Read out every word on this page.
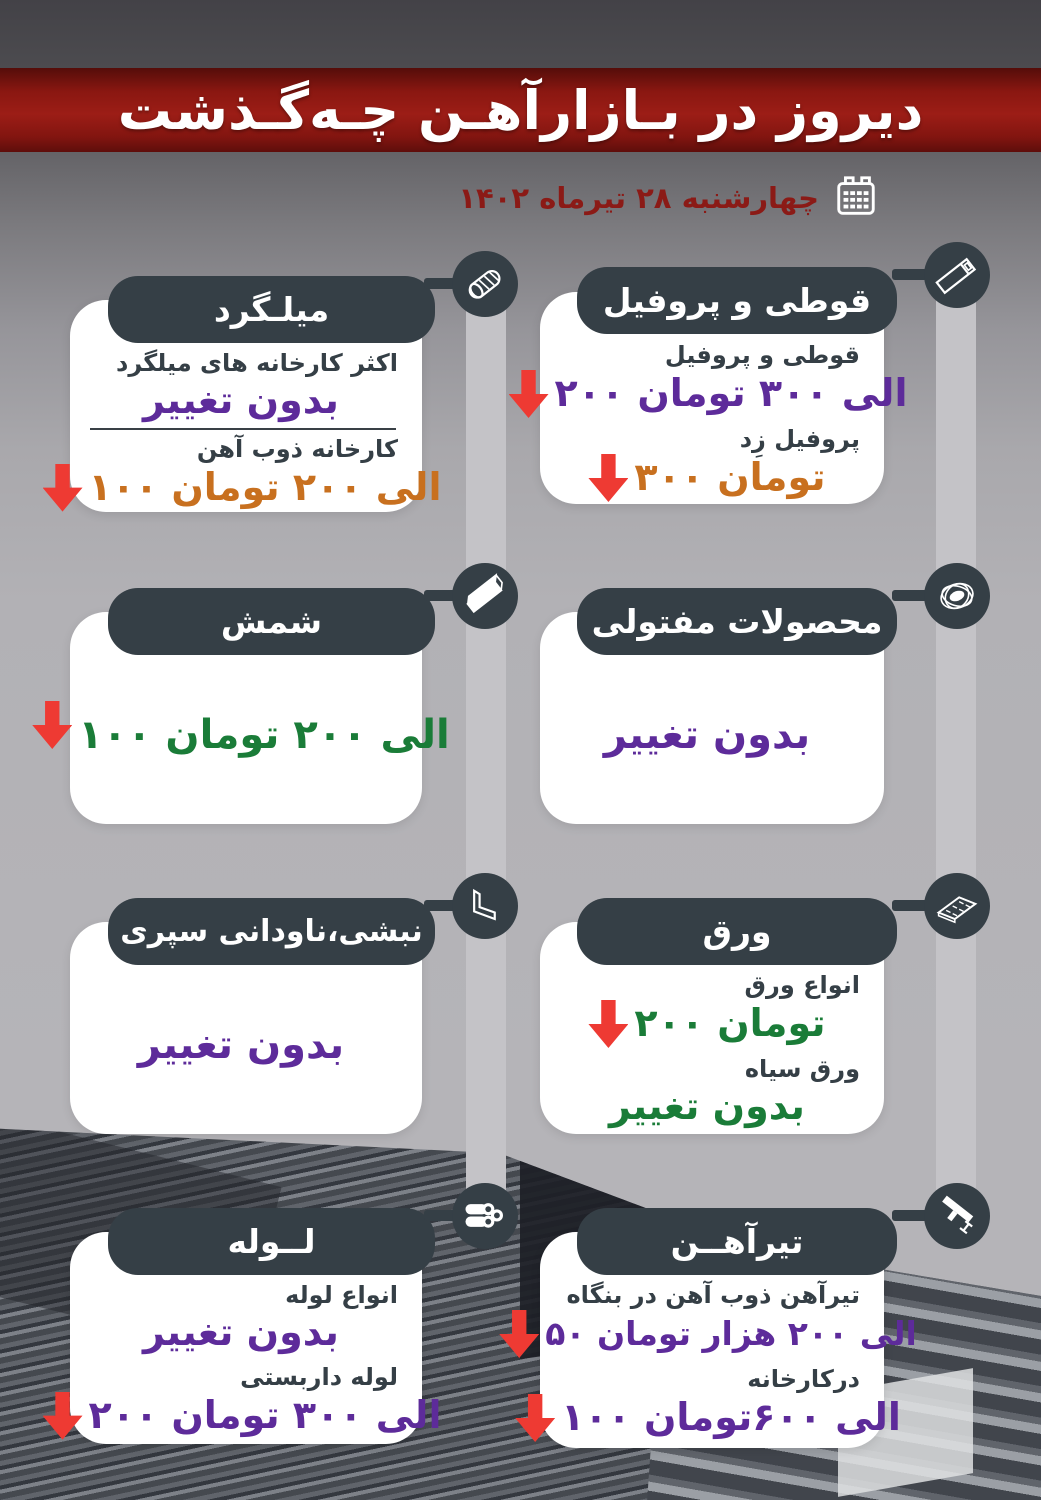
دیروز در بـازارآهـن چـه‌گـذشت
چهارشنبه ۲۸ تیرماه ۱۴۰۲
اکثر کارخانه های میلگرد
بدون تغییر
کارخانه ذوب آهن
۱۰۰ الی ۲۰۰ تومان
میلـگرد
قوطی و پروفیل
۲۰۰ الی ۳۰۰ تومان
پروفیل زِد
۳۰۰ تومان
قوطی و پروفیل
۱۰۰ الی ۲۰۰ تومان
شمش
بدون تغییر
محصولات مفتولی
بدون تغییر
نبشی،ناودانی سپری
انواع ورق
۲۰۰ تومان
ورق سیاه
بدون تغییر
ورق
انواع لوله
بدون تغییر
لوله داربستی
۲۰۰ الی ۳۰۰ تومان
لــوله
تیرآهن ذوب آهن در بنگاه
۵۰ الی ۲۰۰ هزار تومان
درکارخانه
۱۰۰ الی ۶۰۰تومان
تیرآهــن
